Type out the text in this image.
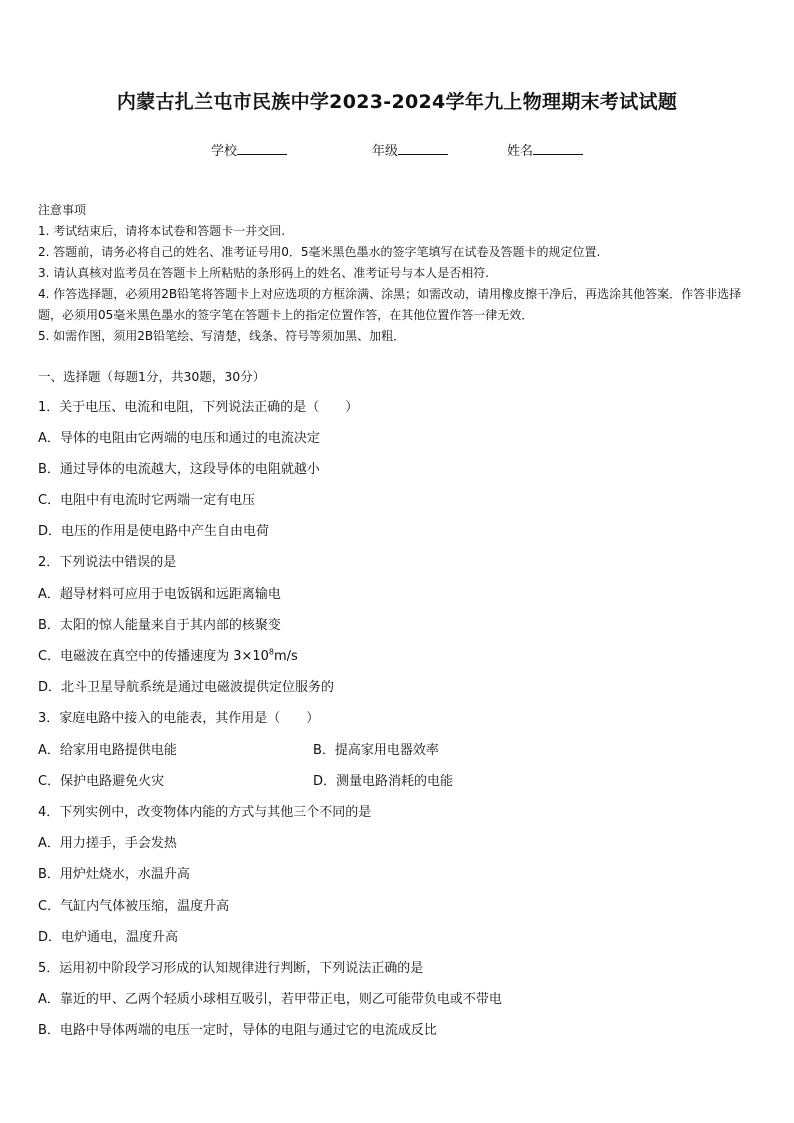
内蒙古扎兰屯市民族中学2023-2024学年九上物理期末考试试题
学校	年级	姓名
注意事项
1. 考试结束后，请将本试卷和答题卡一并交回.
2. 答题前，请务必将自己的姓名、准考证号用0．5毫米黑色墨水的签字笔填写在试卷及答题卡的规定位置.
3. 请认真核对监考员在答题卡上所粘贴的条形码上的姓名、准考证号与本人是否相符.
4. 作答选择题，必须用2B铅笔将答题卡上对应选项的方框涂满、涂黑；如需改动，请用橡皮擦干净后，再选涂其他答案．作答非选择题，必须用05毫米黑色墨水的签字笔在答题卡上的指定位置作答，在其他位置作答一律无效．
5. 如需作图，须用2B铅笔绘、写清楚，线条、符号等须加黑、加粗．
一、选择题（每题1分，共30题，30分）
1．关于电压、电流和电阻，下列说法正确的是（　　）
A．导体的电阻由它两端的电压和通过的电流决定
B．通过导体的电流越大，这段导体的电阻就越小
C．电阻中有电流时它两端一定有电压
D．电压的作用是使电路中产生自由电荷
2．下列说法中错误的是
A．超导材料可应用于电饭锅和远距离输电
B．太阳的惊人能量来自于其内部的核聚变
C．电磁波在真空中的传播速度为 $3\times 10^8m/s$
D．北斗卫星导航系统是通过电磁波提供定位服务的
3．家庭电路中接入的电能表，其作用是（　　）
A．给家用电路提供电能	B．提高家用电器效率
C．保护电路避免火灾	D．测量电路消耗的电能
4．下列实例中，改变物体内能的方式与其他三个不同的是
A．用力搓手，手会发热
B．用炉灶烧水，水温升高
C．气缸内气体被压缩，温度升高
D．电炉通电，温度升高
5．运用初中阶段学习形成的认知规律进行判断，下列说法正确的是
A．靠近的甲、乙两个轻质小球相互吸引，若甲带正电，则乙可能带负电或不带电
B．电路中导体两端的电压一定时，导体的电阻与通过它的电流成反比
